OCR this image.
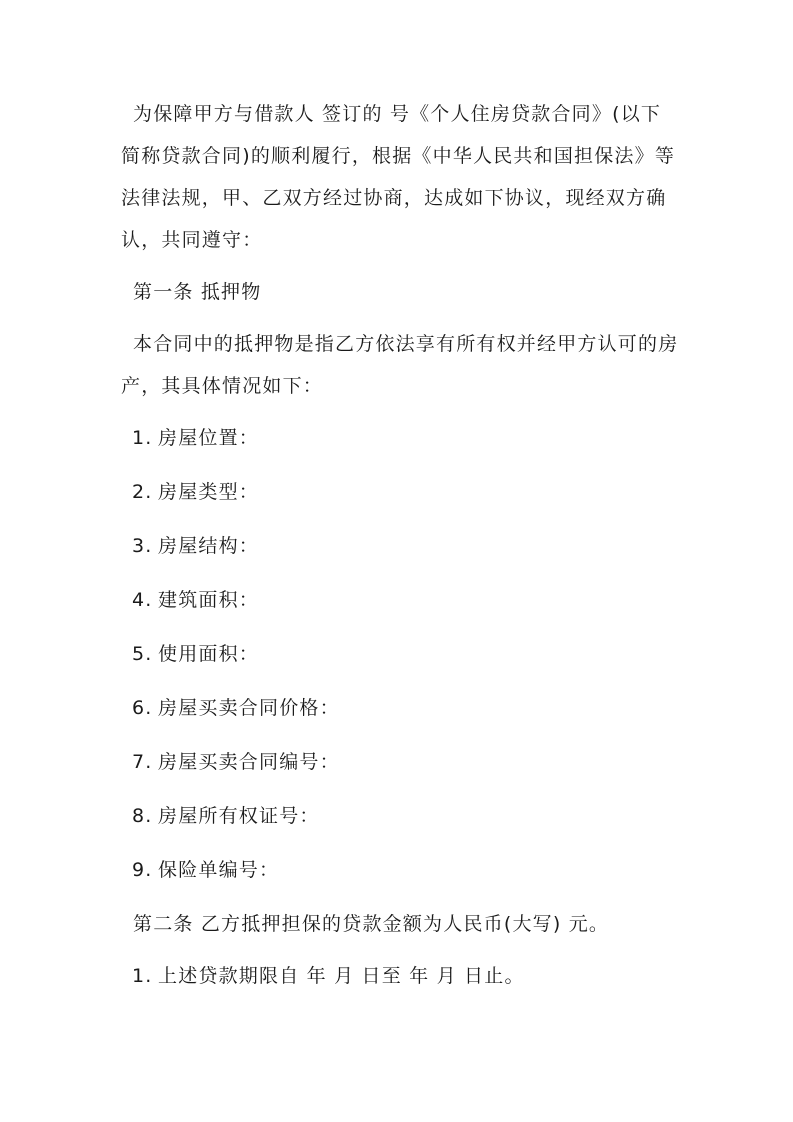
为保障甲方与借款人 签订的 号《个人住房贷款合同》(以下简称贷款合同)的顺利履行，根据《中华人民共和国担保法》等法律法规，甲、乙双方经过协商，达成如下协议，现经双方确认，共同遵守：

第一条 抵押物

本合同中的抵押物是指乙方依法享有所有权并经甲方认可的房产，其具体情况如下：

1. 房屋位置：
2. 房屋类型：
3. 房屋结构：
4. 建筑面积：
5. 使用面积：
6. 房屋买卖合同价格：
7. 房屋买卖合同编号：
8. 房屋所有权证号：
9. 保险单编号：

第二条 乙方抵押担保的贷款金额为人民币(大写) 元。

1. 上述贷款期限自 年 月 日至 年 月 日止。
